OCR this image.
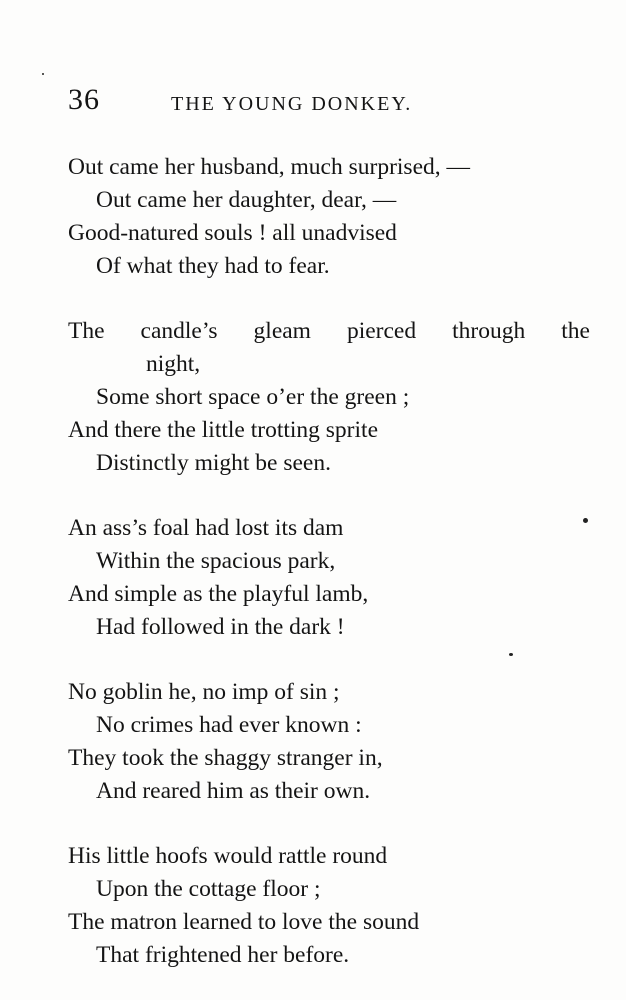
36	THE YOUNG DONKEY.
Out came her husband, much surprised, —
Out came her daughter, dear, —
Good-natured souls ! all unadvised
Of what they had to fear.
The candle’s gleam pierced through the
night,
Some short space o’er the green ;
And there the little trotting sprite
Distinctly might be seen.
An ass’s foal had lost its dam
Within the spacious park,
And simple as the playful lamb,
Had followed in the dark !
No goblin he, no imp of sin ;
No crimes had ever known :
They took the shaggy stranger in,
And reared him as their own.
His little hoofs would rattle round
Upon the cottage floor ;
The matron learned to love the sound
That frightened her before.
